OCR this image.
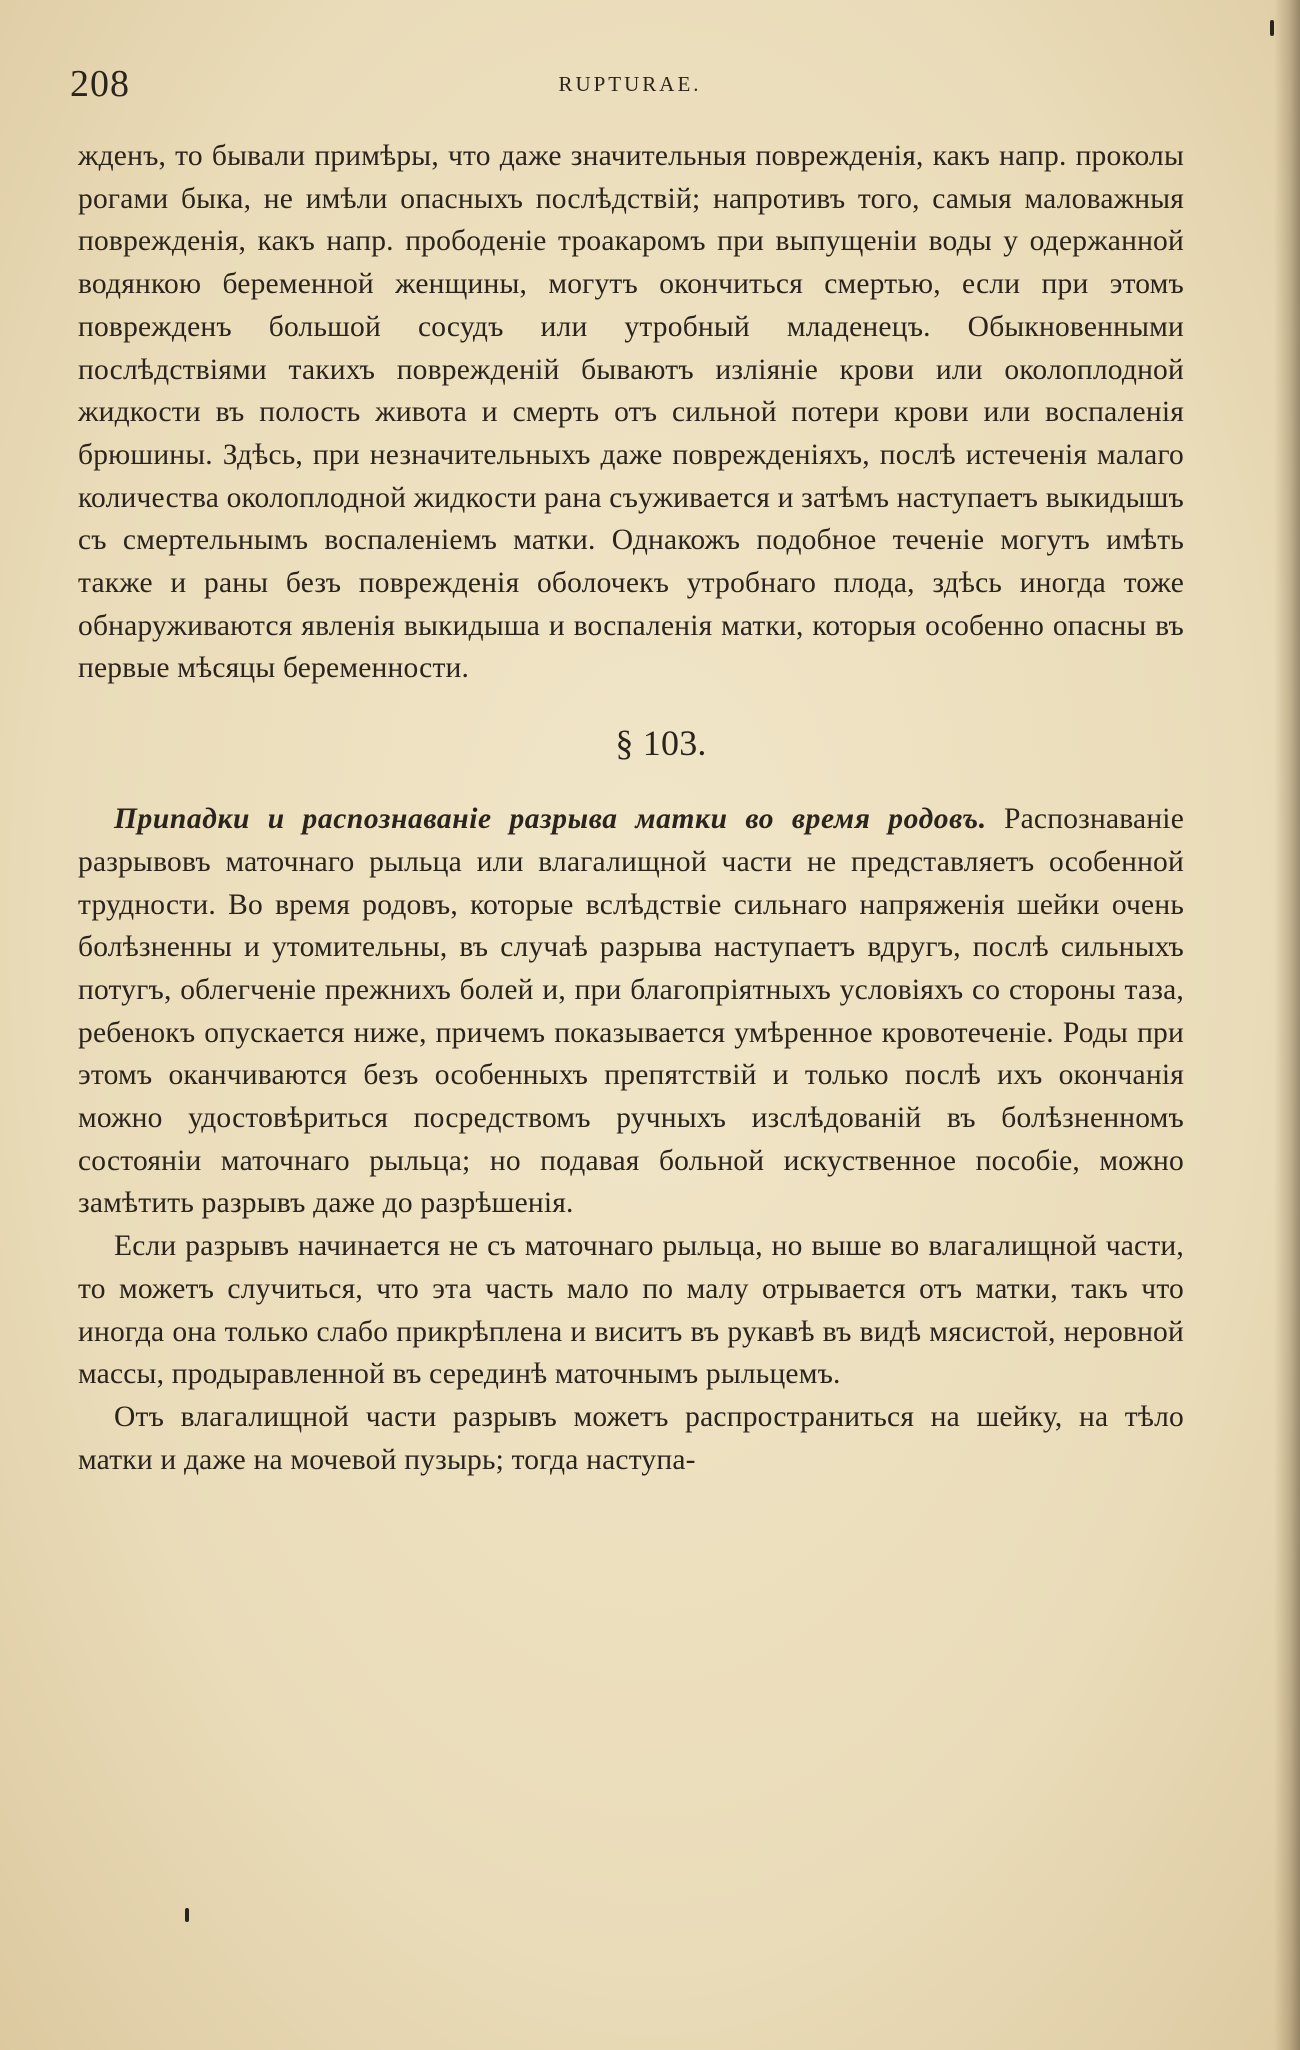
208	RUPTURAE.

жденъ, то бывали примѣры, что даже значительныя поврежденія, какъ напр. проколы рогами быка, не имѣли опасныхъ послѣдствій; напротивъ того, самыя маловажныя поврежденія, какъ напр. прободеніе троакаромъ при выпущеніи воды у одержанной водянкою беременной женщины, могутъ окончиться смертью, если при этомъ поврежденъ большой сосудъ или утробный младенецъ. Обыкновенными послѣдствіями такихъ поврежденій бываютъ изліяніе крови или околоплодной жидкости въ полость живота и смерть отъ сильной потери крови или воспаленія брюшины. Здѣсь, при незначительныхъ даже поврежденіяхъ, послѣ истеченія малаго количества околоплодной жидкости рана съуживается и затѣмъ наступаетъ выкидышъ съ смертельнымъ воспаленіемъ матки. Однакожъ подобное теченіе могутъ имѣть также и раны безъ поврежденія оболочекъ утробнаго плода, здѣсь иногда тоже обнаруживаются явленія выкидыша и воспаленія матки, которыя особенно опасны въ первые мѣсяцы беременности.

§ 103.

Припадки и распознаваніе разрыва матки во время родовъ. Распознаваніе разрывовъ маточнаго рыльца или влагалищной части не представляетъ особенной трудности. Во время родовъ, которые вслѣдствіе сильнаго напряженія шейки очень болѣзненны и утомительны, въ случаѣ разрыва наступаетъ вдругъ, послѣ сильныхъ потугъ, облегченіе прежнихъ болей и, при благопріятныхъ условіяхъ со стороны таза, ребенокъ опускается ниже, причемъ показывается умѣренное кровотеченіе. Роды при этомъ оканчиваются безъ особенныхъ препятствій и только послѣ ихъ окончанія можно удостовѣриться посредствомъ ручныхъ изслѣдованій въ болѣзненномъ состояніи маточнаго рыльца; но подавая больной искуственное пособіе, можно замѣтить разрывъ даже до разрѣшенія.

Если разрывъ начинается не съ маточнаго рыльца, но выше во влагалищной части, то можетъ случиться, что эта часть мало по малу отрывается отъ матки, такъ что иногда она только слабо прикрѣплена и виситъ въ рукавѣ въ видѣ мясистой, неровной массы, продыравленной въ серединѣ маточнымъ рыльцемъ.

Отъ влагалищной части разрывъ можетъ распространиться на шейку, на тѣло матки и даже на мочевой пузырь; тогда наступа-
